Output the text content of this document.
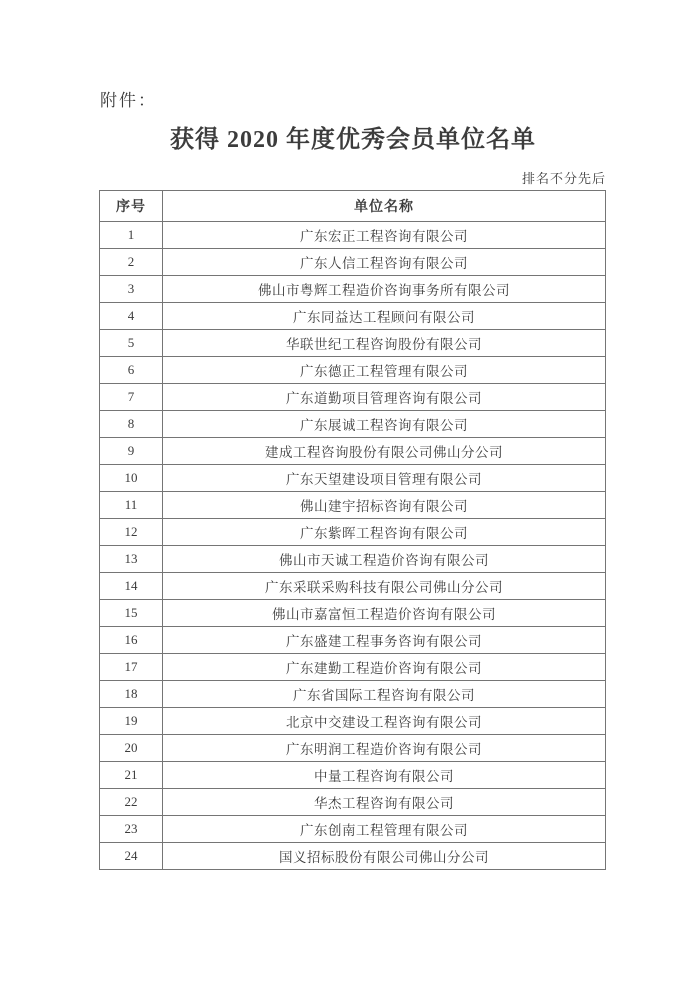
附件：
获得 2020 年度优秀会员单位名单
排名不分先后
序号	单位名称
1	广东宏正工程咨询有限公司
2	广东人信工程咨询有限公司
3	佛山市粤辉工程造价咨询事务所有限公司
4	广东同益达工程顾问有限公司
5	华联世纪工程咨询股份有限公司
6	广东德正工程管理有限公司
7	广东道勤项目管理咨询有限公司
8	广东展诚工程咨询有限公司
9	建成工程咨询股份有限公司佛山分公司
10	广东天望建设项目管理有限公司
11	佛山建宇招标咨询有限公司
12	广东紫晖工程咨询有限公司
13	佛山市天诚工程造价咨询有限公司
14	广东采联采购科技有限公司佛山分公司
15	佛山市嘉富恒工程造价咨询有限公司
16	广东盛建工程事务咨询有限公司
17	广东建勤工程造价咨询有限公司
18	广东省国际工程咨询有限公司
19	北京中交建设工程咨询有限公司
20	广东明润工程造价咨询有限公司
21	中量工程咨询有限公司
22	华杰工程咨询有限公司
23	广东创南工程管理有限公司
24	国义招标股份有限公司佛山分公司
